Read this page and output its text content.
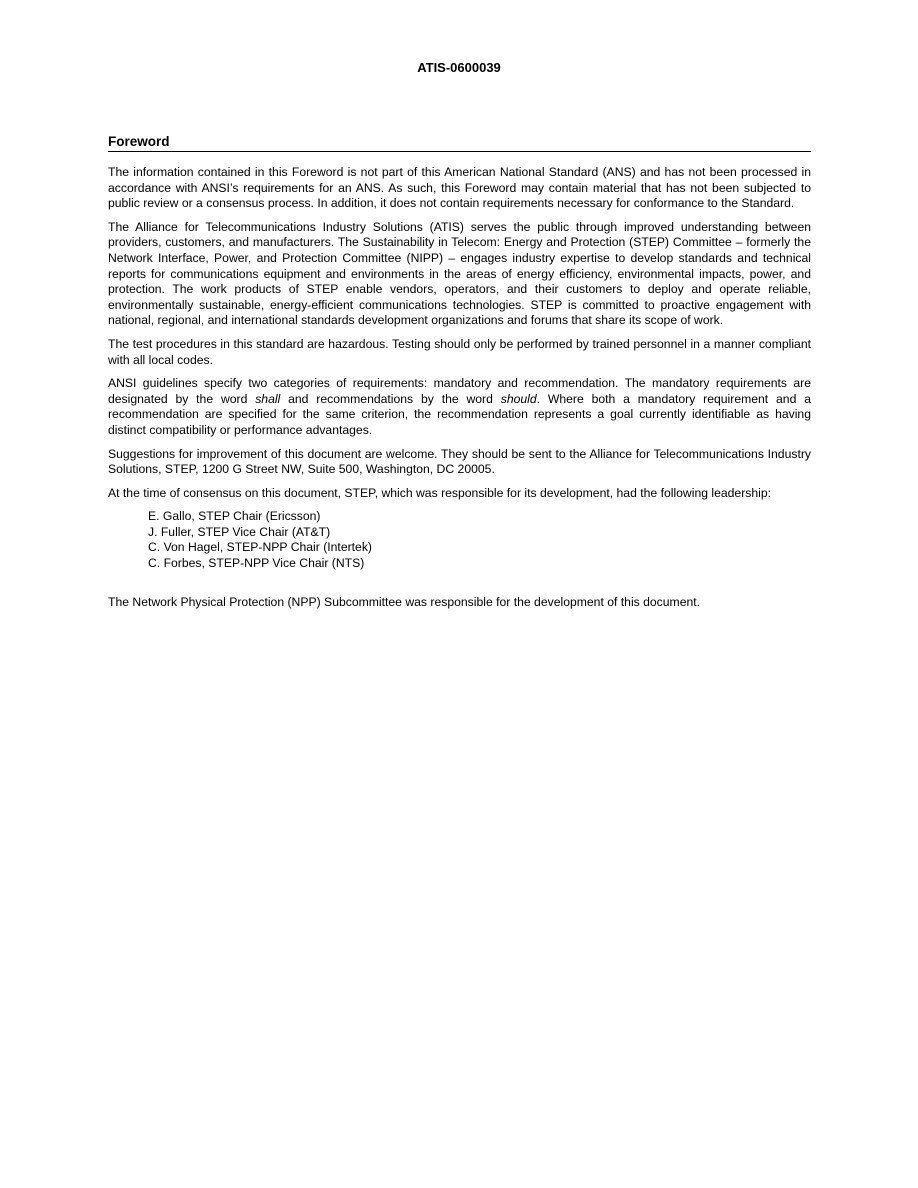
ATIS-0600039
Foreword

The information contained in this Foreword is not part of this American National Standard (ANS) and has not been processed in accordance with ANSI’s requirements for an ANS. As such, this Foreword may contain material that has not been subjected to public review or a consensus process. In addition, it does not contain requirements necessary for conformance to the Standard.

The Alliance for Telecommunications Industry Solutions (ATIS) serves the public through improved understanding between providers, customers, and manufacturers. The Sustainability in Telecom: Energy and Protection (STEP) Committee – formerly the Network Interface, Power, and Protection Committee (NIPP) – engages industry expertise to develop standards and technical reports for communications equipment and environments in the areas of energy efficiency, environmental impacts, power, and protection. The work products of STEP enable vendors, operators, and their customers to deploy and operate reliable, environmentally sustainable, energy-efficient communications technologies. STEP is committed to proactive engagement with national, regional, and international standards development organizations and forums that share its scope of work.

The test procedures in this standard are hazardous. Testing should only be performed by trained personnel in a manner compliant with all local codes.

ANSI guidelines specify two categories of requirements: mandatory and recommendation. The mandatory requirements are designated by the word shall and recommendations by the word should. Where both a mandatory requirement and a recommendation are specified for the same criterion, the recommendation represents a goal currently identifiable as having distinct compatibility or performance advantages.

Suggestions for improvement of this document are welcome. They should be sent to the Alliance for Telecommunications Industry Solutions, STEP, 1200 G Street NW, Suite 500, Washington, DC 20005.

At the time of consensus on this document, STEP, which was responsible for its development, had the following leadership:

E. Gallo, STEP Chair (Ericsson)
J. Fuller, STEP Vice Chair (AT&T)
C. Von Hagel, STEP-NPP Chair (Intertek)
C. Forbes, STEP-NPP Vice Chair (NTS)

The Network Physical Protection (NPP) Subcommittee was responsible for the development of this document.
